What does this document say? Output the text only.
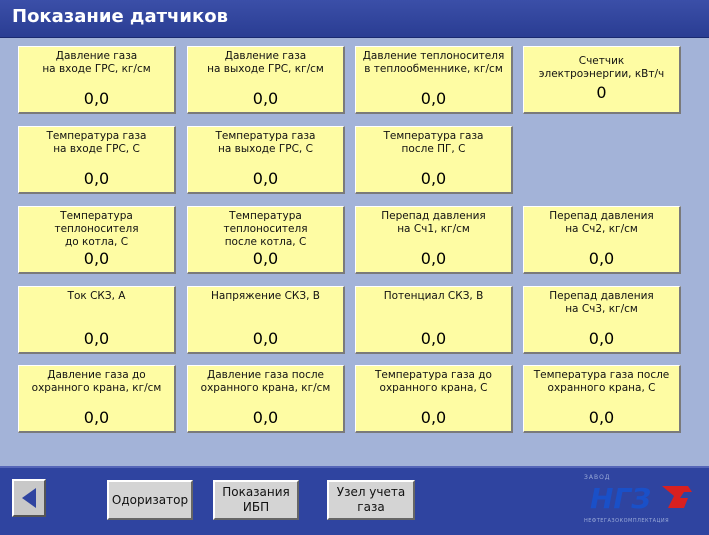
Показание датчиков
Давление газа
на входе ГРС, кг/см
0,0
Давление газа
на выходе ГРС, кг/см
0,0
Давление теплоносителя
в теплообменнике, кг/см
0,0
Счетчик
электроэнергии, кВт/ч
0
Температура газа
на входе ГРС, С
0,0
Температура газа
на выходе ГРС, С
0,0
Температура газа
после ПГ, С
0,0
Температура
теплоносителя
до котла, С
0,0
Температура
теплоносителя
после котла, С
0,0
Перепад давления
на Сч1, кг/см
0,0
Перепад давления
на Сч2, кг/см
0,0
Ток СКЗ, А
0,0
Напряжение СКЗ, В
0,0
Потенциал СКЗ, В
0,0
Перепад давления
на Сч3, кг/см
0,0
Давление газа до
охранного крана, кг/см
0,0
Давление газа после
охранного крана, кг/см
0,0
Температура газа до
охранного крана, С
0,0
Температура газа после
охранного крана, С
0,0
Одоризатор
Показания
ИБП
Узел учета
газа
ЗАВОД
НГЗ
НЕФТЕГАЗОКОМПЛЕКТАЦИЯ
